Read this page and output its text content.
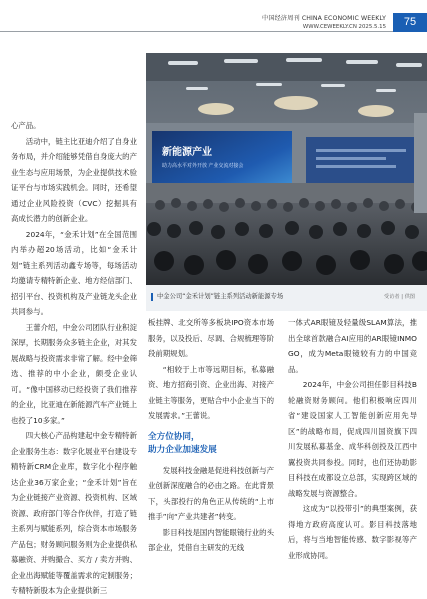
中国经济周刊 CHINA ECONOMIC WEEKLY
WWW.CEWEEKLY.CN 2025.5.15	75
新能源产业
助力高水平对外开放 产业交流对接会
中金公司“金禾计划”链主系列活动新能源专场	受访者 | 供图

心产品。

活动中，链主比亚迪介绍了自身业务布局，并介绍能够凭借自身庞大的产业生态与应用场景，为企业提供技术验证平台与市场实践机会。同时，还希望通过企业风险投资（CVC）挖掘具有高成长潜力的创新企业。

2024年，“金禾计划”在全国范围内举办超20场活动，比如“金禾计划”链主系列活动鑫专场等，每场活动均邀请专精特新企业、地方经信部门、招引平台、投资机构及产业链龙头企业共同参与。

王蕾介绍，中金公司团队行业积淀深厚，长期服务众多链主企业，对其发展战略与投资需求非常了解。经中金筛选、推荐的中小企业，颇受企业认可。“像中国移动已经投资了我们推荐的企业，比亚迪在新能源汽车产业链上也投了10多家。”

四大核心产品构建起中金专精特新企业服务生态：数字化展业平台建设专精特新CRM企业库，数字化小程序触达企业36万家企业；“金禾计划”旨在为企业链接产业资源、投资机构、区域资源、政府部门等合作伙伴，打造了链主系列与赋能系列，综合资本市场服务产品包；财务顾问服务则为企业提供私募融资、并购撮合、买方 / 卖方并购、企业出海赋能等覆盖需求的定制服务；专精特新股本为企业提供新三

板挂牌、北交所等多板块IPO资本市场服务，以及投后、尽调、合规梳理等阶段前期规划。

“相较于上市等远期目标，私募融资、地方招商引资、企业出海、对接产业链主等服务，更贴合中小企业当下的发展需求。”王蕾说。

全方位协同，
助力企业加速发展

发展科技金融是促进科技创新与产业创新深度融合的必由之路。在此背景下，头部投行的角色正从传统的“上市推手”向“产业共建者”转变。

影目科技是国内智能眼镜行业的头部企业，凭借自主研发的无线

一体式AR眼镜及轻量级SLAM算法，推出全球首款融合AI应用的AR眼镜INMO GO，成为Meta眼镜较有力的中国竞品。

2024年，中金公司担任影目科技B轮融资财务顾问。他们积极响应四川省“建设国家人工智能创新应用先导区”的战略布局，促成四川国资旗下四川发展私募基金、成华科创投及江西中翼投资共同参投。同时，也们还协助影目科技在成都设立总部，实现跨区域的战略发展与资源整合。

这成为“以投带引”的典型案例，获得地方政府高度认可。影目科技落地后，将与当地智能传感、数字影视等产业形成协同。
